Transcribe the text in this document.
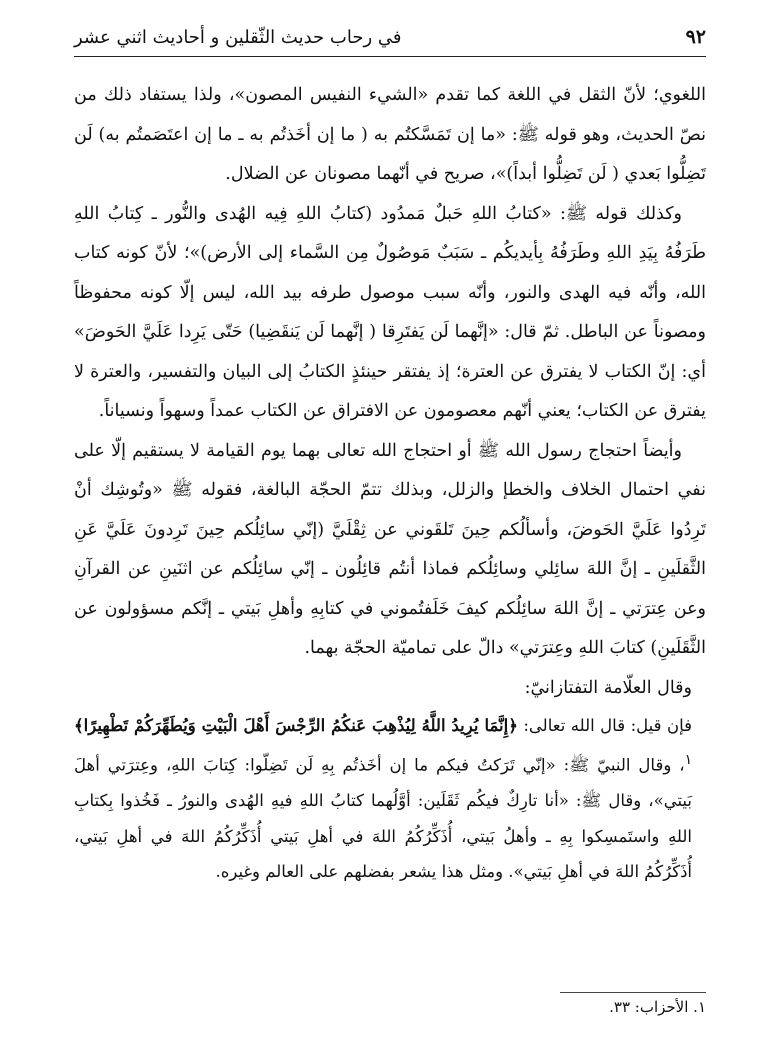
٩٢
في رحاب حديث الثّقلين و أحاديث اثني عشر

اللغوي؛ لأنّ الثقل في اللغة كما تقدم «الشيء النفيس المصون»، ولذا يستفاد ذلك من نصّ الحديث، وهو قوله ﷺ: «ما إن تَمَسَّكتُم به ( ما إن أخَذتُم به ـ ما إن اعتَصَمتُم به) لَن تَضِلُّوا بَعدي ( لَن تَضِلُّوا أبداً)»، صريح في أنّهما مصونان عن الضلال.

وكذلك قوله ﷺ: «كتابُ اللهِ حَبلٌ مَمدُود (كتابُ اللهِ فِيه الهُدى والنُّور ـ كِتابُ اللهِ طَرَفُهُ بِيَدِ اللهِ وطَرَفُهُ بِأيديكُم ـ سَبَبٌ مَوصُولٌ مِن السَّماء إلى الأرض)»؛ لأنّ كونه كتاب الله، وأنّه فيه الهدى والنور، وأنّه سبب موصول طرفه بيد الله، ليس إلّا كونه محفوظاً ومصوناً عن الباطل. ثمّ قال: «إنَّهما لَن يَفتَرِقا ( إنَّهما لَن يَنقَضِيا) حَتّى يَرِدا عَلَيَّ الحَوضَ» أي: إنّ الكتاب لا يفترق عن العترة؛ إذ يفتقر حينئذٍ الكتابُ إلى البيان والتفسير، والعترة لا يفترق عن الكتاب؛ يعني أنّهم معصومون عن الافتراق عن الكتاب عمداً وسهواً ونسياناً.

وأيضاً احتجاج رسول الله ﷺ أو احتجاج الله تعالى بهما يوم القيامة لا يستقيم إلّا على نفي احتمال الخلاف والخطإ والزلل، وبذلك تتمّ الحجّة البالغة، فقوله ﷺ «وتُوشِك أنْ تَرِدُوا عَلَيَّ الحَوضَ، وأسألُكم حِينَ تَلقَوني عن ثِقْلَيَّ (إنّي سائِلُكم حِينَ تَرِدونَ عَلَيَّ عَنِ الثَّقلَينِ ـ إنَّ اللهَ سائِلي وسائِلُكم فماذا أنتُم قائِلُون ـ إنّي سائِلُكم عن اثنَينِ عن القرآنِ وعن عِترَتي ـ إنَّ اللهَ سائِلُكم كيفَ خَلَفتُموني في كتابِهِ وأهلِ بَيتي ـ إنَّكم مسؤولون عن الثَّقَلَينِ) كتابَ اللهِ وعِترَتي» دالّ على تماميّة الحجّة بهما.

وقال العلّامة التفتازانيّ:

فإن قيل: قال الله تعالى: ﴿إِنَّمَا يُرِيدُ اللَّهُ لِيُذْهِبَ عَنكُمُ الرِّجْسَ أَهْلَ الْبَيْتِ وَيُطَهِّرَكُمْ تَطْهِيرًا﴾$^١$، وقال النبيّ ﷺ: «إنّي تَرَكتُ فيكم ما إن أخَذتُم بِهِ لَن تَضِلّوا: كِتابَ اللهِ، وعِترَتي أهلَ بَيتي»، وقال ﷺ: «أنا تارِكٌ فيكُم ثَقَلَين: أوَّلُهما كتابُ اللهِ فيهِ الهُدى والنورُ ـ فَخُذوا بِكتابِ اللهِ واستَمسِكوا بِهِ ـ وأهلُ بَيتي، أُذَكِّرُكُمُ اللهَ في أهلِ بَيتي أُذَكِّرُكُمُ اللهَ في أهلِ بَيتي، أُذَكِّرُكُمُ اللهَ في أهلِ بَيتي». ومثل هذا يشعر بفضلهم على العالم وغيره.

١. الأحزاب: ٣٣.
